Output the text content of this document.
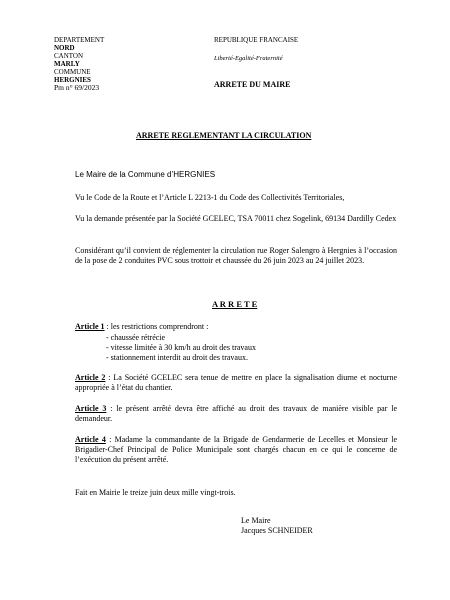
DEPARTEMENT
NORD
CANTON
MARLY
COMMUNE
HERGNIES
Pm n° 69/2023
REPUBLIQUE FRANCAISE
Liberté-Egalité-Fraternité
ARRETE DU MAIRE
ARRETE REGLEMENTANT LA CIRCULATION
Le Maire de la Commune d’HERGNIES
Vu le Code de la Route et l’Article L 2213-1 du Code des Collectivités Territoriales,
Vu la demande présentée par la Société GCELEC, TSA 70011 chez Sogelink, 69134 Dardilly Cedex
Considérant qu’il convient de réglementer la circulation rue Roger Salengro à Hergnies à l’occasion de la pose de 2 conduites PVC sous trottoir et chaussée du 26 juin 2023 au 24 juillet 2023.
A R R E T E
Article 1 : les restrictions comprendront :
- chaussée rétrécie
- vitesse limitée à 30 km/h au droit des travaux
- stationnement interdit au droit des travaux.
Article 2 : La Société GCELEC sera tenue de mettre en place la signalisation diurne et nocturne appropriée à l’état du chantier.
Article 3 : le présent arrêté devra être affiché au droit des travaux de manière visible par le demandeur.
Article 4 : Madame la commandante de la Brigade de Gendarmerie de Lecelles et Monsieur le Brigadier-Chef Principal de Police Municipale sont chargés chacun en ce qui le concerne de l’exécution du présent arrêté.
Fait en Mairie le treize juin deux mille vingt-trois.
Le Maire
Jacques SCHNEIDER
